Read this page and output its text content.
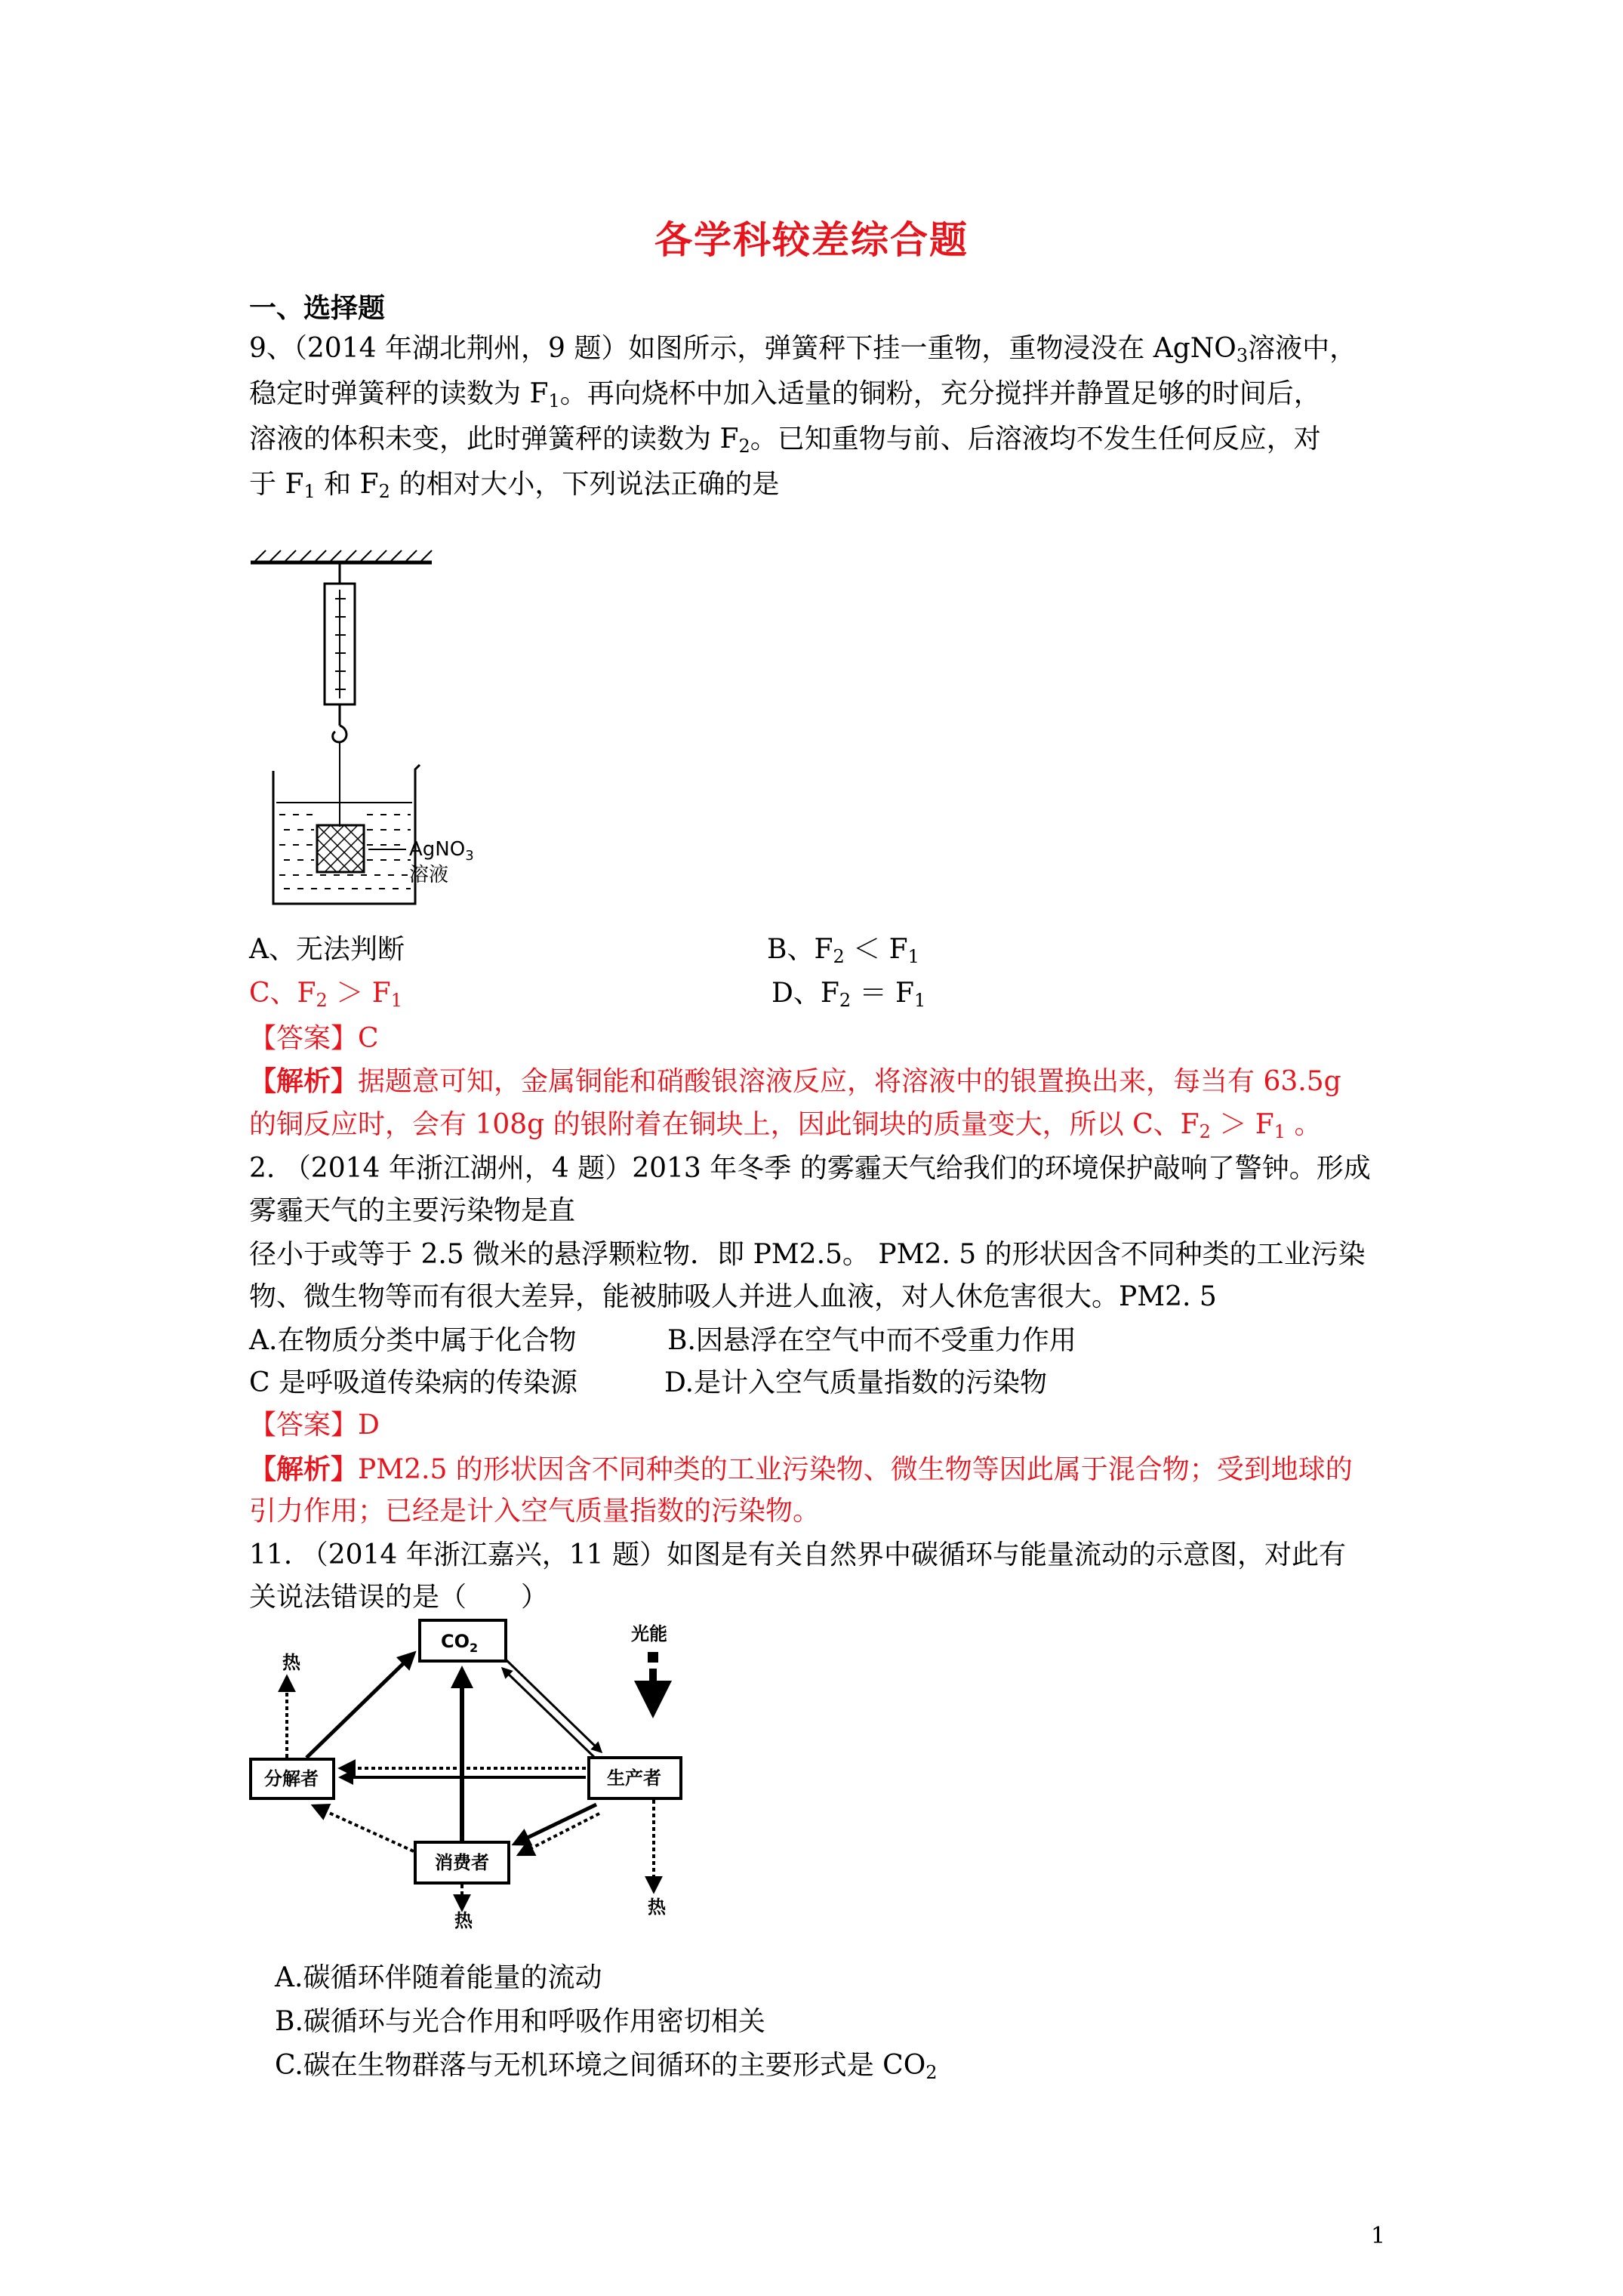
各学科较差综合题
一、选择题
9、（2014 年湖北荆州，9 题）如图所示，弹簧秤下挂一重物，重物浸没在 AgNO$_3$溶液中，
稳定时弹簧秤的读数为 $F_1$。再向烧杯中加入适量的铜粉，充分搅拌并静置足够的时间后，
溶液的体积未变，此时弹簧秤的读数为 $F_2$。已知重物与前、后溶液均不发生任何反应，对
于 $F_1$ 和 $F_2$ 的相对大小，下列说法正确的是
AgNO$_3$
溶液
A、无法判断	B、$F_2 < F_1$
C、$F_2 > F_1$	D、$F_2 = F_1$
【答案】C
【解析】据题意可知，金属铜能和硝酸银溶液反应，将溶液中的银置换出来，每当有 63.5g
的铜反应时，会有 108g 的银附着在铜块上，因此铜块的质量变大，所以 C、$F_2 > F_1$ 。
2. （2014 年浙江湖州，4 题）2013 年冬季 的雾霾天气给我们的环境保护敲响了警钟。形成
雾霾天气的主要污染物是直
径小于或等于 2.5 微米的悬浮颗粒物．即 PM2.5。 PM2. 5 的形状因含不同种类的工业污染
物、微生物等而有很大差异，能被肺吸人并进人血液，对人休危害很大。PM2. 5
A.在物质分类中属于化合物	B.因悬浮在空气中而不受重力作用
C 是呼吸道传染病的传染源	D.是计入空气质量指数的污染物
【答案】D
【解析】PM2.5 的形状因含不同种类的工业污染物、微生物等因此属于混合物；受到地球的
引力作用；已经是计入空气质量指数的污染物。
11. （2014 年浙江嘉兴，11 题）如图是有关自然界中碳循环与能量流动的示意图，对此有
关说法错误的是（　　）
$CO_2$
光能
分解者	生产者
消费者
热
热
热
A.碳循环伴随着能量的流动
B.碳循环与光合作用和呼吸作用密切相关
C.碳在生物群落与无机环境之间循环的主要形式是 $CO_2$
1
